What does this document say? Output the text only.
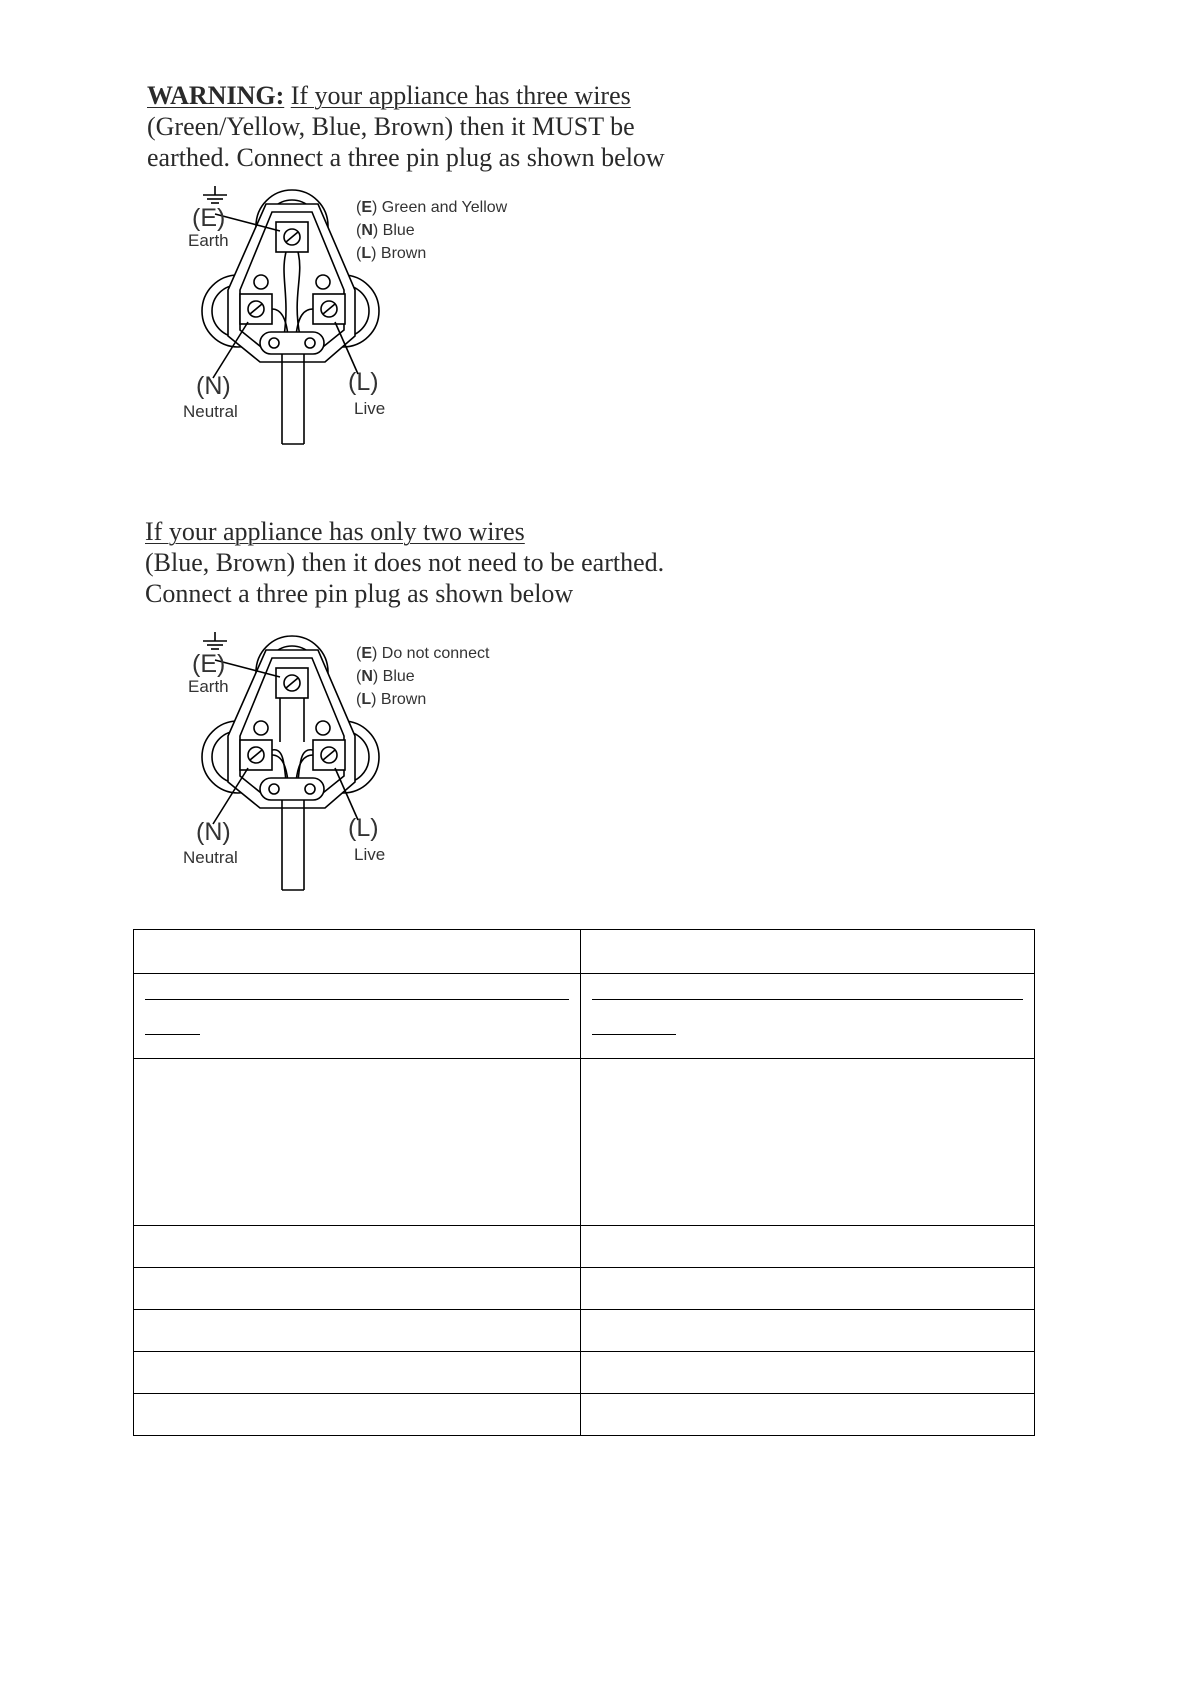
WARNING: If your appliance has three wires
(Green/Yellow, Blue, Brown) then it MUST be
earthed. Connect a three pin plug as shown below
(E)
Earth
(N)
Neutral
(L)
Live
(E) Green and Yellow
(N) Blue
(L) Brown
If your appliance has only two wires
(Blue, Brown) then it does not need to be earthed.
Connect a three pin plug as shown below
(E)
Earth
(N)
Neutral
(L)
Live
(E) Do not connect
(N) Blue
(L) Brown
